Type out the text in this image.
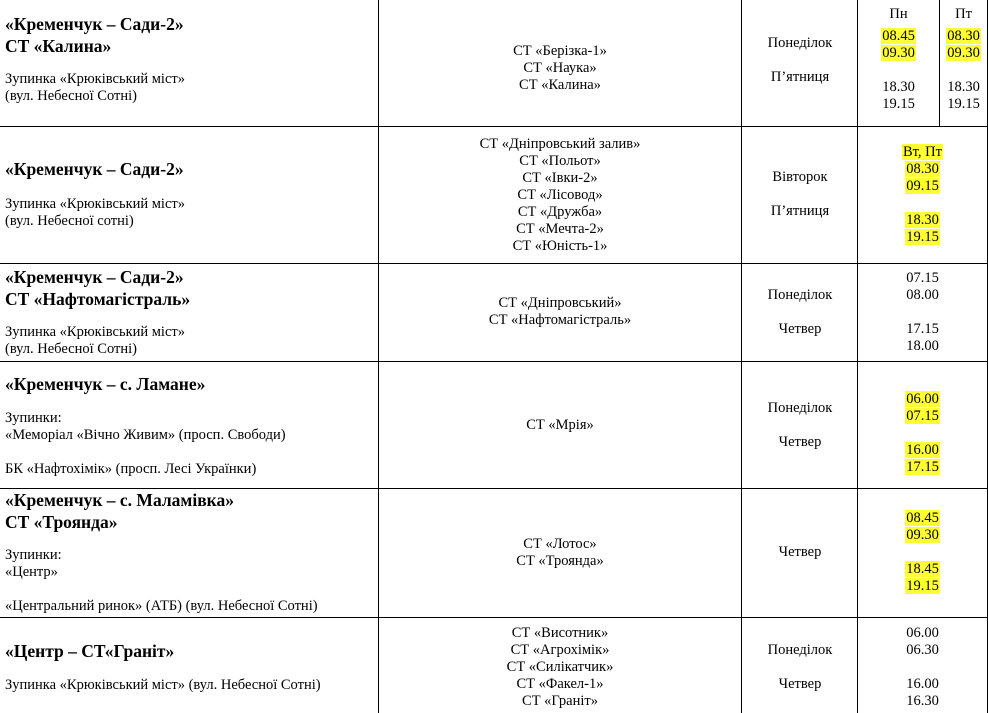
«Кременчук – Сади-2»
СТ «Калина»
Зупинка «Крюківський міст»
(вул. Небесної Сотні)
СТ «Берізка-1»
СТ «Наука»
СТ «Калина»
Понеділок
П’ятниця
Пн	Пт
08.45
09.30
18.30
19.15
08.30
09.30
18.30
19.15
«Кременчук – Сади-2»
Зупинка «Крюківський міст»
(вул. Небесної сотні)
СТ «Дніпровський залив»
СТ «Польот»
СТ «Івки-2»
СТ «Лісовод»
СТ «Дружба»
СТ «Мечта-2»
СТ «Юність-1»
Вівторок
П’ятниця
Вт, Пт
08.30
09.15
18.30
19.15
«Кременчук – Сади-2»
СТ «Нафтомагістраль»
Зупинка «Крюківський міст»
(вул. Небесної Сотні)
СТ «Дніпровський»
СТ «Нафтомагістраль»
Понеділок
Четвер
07.15
08.00
17.15
18.00
«Кременчук – с. Ламане»
Зупинки:
«Меморіал «Вічно Живим» (просп. Свободи)
БК «Нафтохімік» (просп. Лесі Українки)
СТ «Мрія»
Понеділок
Четвер
06.00
07.15
16.00
17.15
«Кременчук – с. Маламівка»
СТ «Троянда»
Зупинки:
«Центр»
«Центральний ринок» (АТБ) (вул. Небесної Сотні)
СТ «Лотос»
СТ «Троянда»
Четвер
08.45
09.30
18.45
19.15
«Центр – СТ«Граніт»
Зупинка «Крюківський міст» (вул. Небесної Сотні)
СТ «Висотник»
СТ «Агрохімік»
СТ «Силікатчик»
СТ «Факел-1»
СТ «Граніт»
Понеділок
Четвер
06.00
06.30
16.00
16.30
